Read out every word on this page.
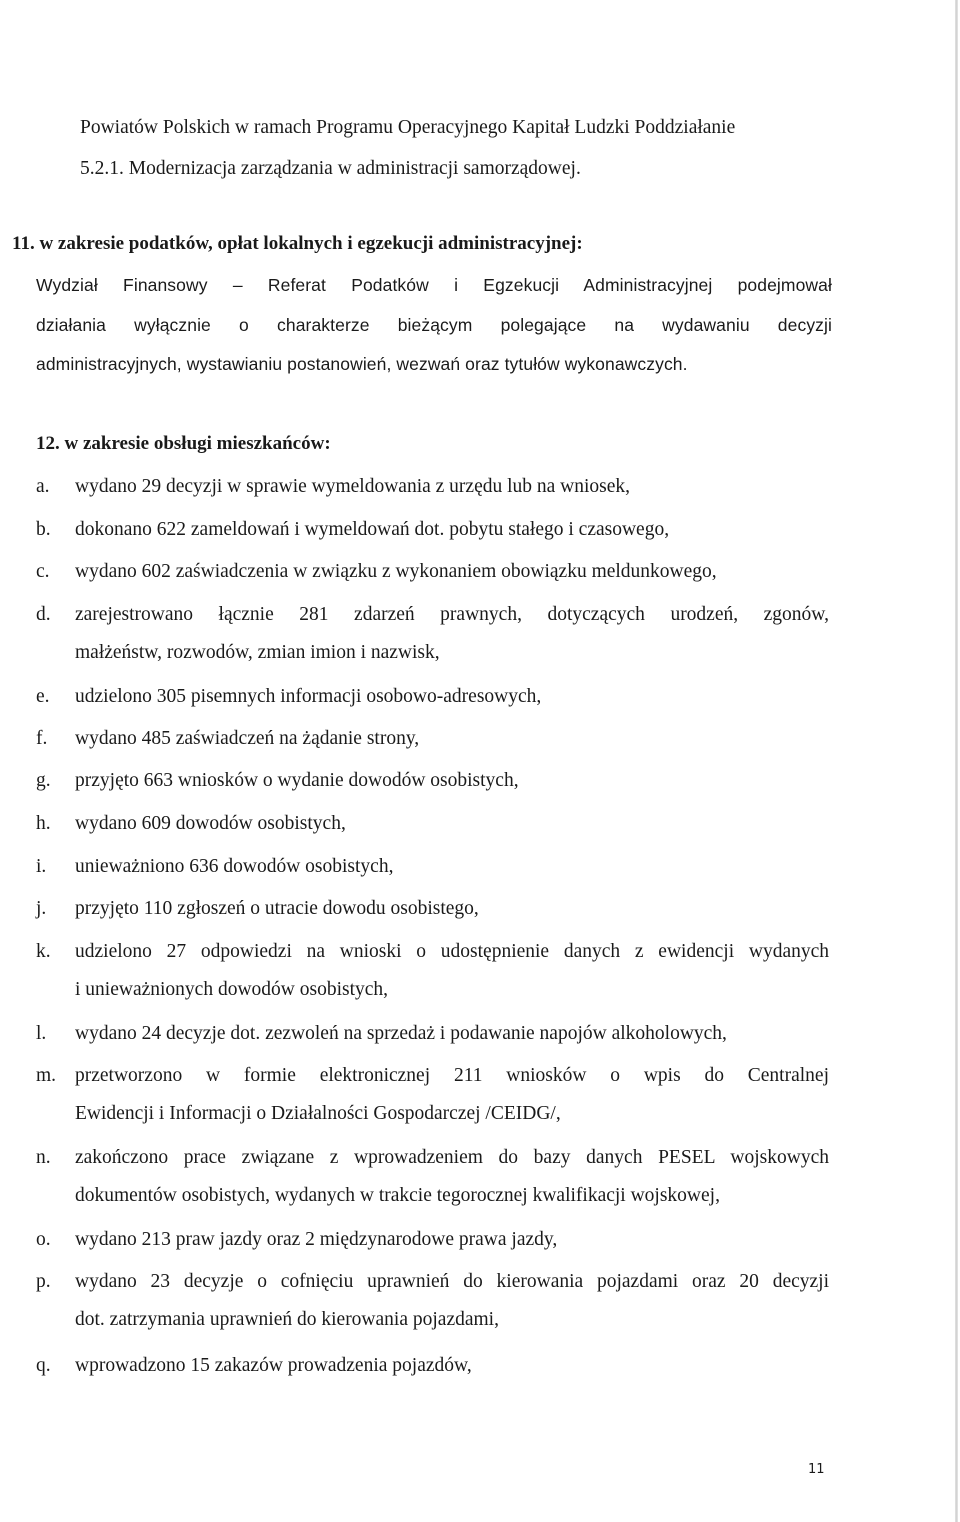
Powiatów Polskich w ramach Programu Operacyjnego Kapitał Ludzki Poddziałanie
5.2.1. Modernizacja zarządzania w administracji samorządowej.
11. w zakresie podatków, opłat lokalnych i egzekucji administracyjnej:
Wydział Finansowy – Referat Podatków i Egzekucji Administracyjnej podejmował
działania wyłącznie o charakterze bieżącym polegające na wydawaniu decyzji
administracyjnych, wystawianiu postanowień, wezwań oraz tytułów wykonawczych.
12. w zakresie obsługi mieszkańców:
a. wydano 29 decyzji w sprawie wymeldowania z urzędu lub na wniosek,
b. dokonano 622 zameldowań i wymeldowań dot. pobytu stałego i czasowego,
c. wydano 602 zaświadczenia w związku z wykonaniem obowiązku meldunkowego,
d. zarejestrowano łącznie 281 zdarzeń prawnych, dotyczących urodzeń, zgonów,
małżeństw, rozwodów, zmian imion i nazwisk,
e. udzielono 305 pisemnych informacji osobowo-adresowych,
f. wydano 485 zaświadczeń na żądanie strony,
g. przyjęto 663 wniosków o wydanie dowodów osobistych,
h. wydano 609 dowodów osobistych,
i. unieważniono 636 dowodów osobistych,
j. przyjęto 110 zgłoszeń o utracie dowodu osobistego,
k. udzielono 27 odpowiedzi na wnioski o udostępnienie danych z ewidencji wydanych
i unieważnionych dowodów osobistych,
l. wydano 24 decyzje dot. zezwoleń na sprzedaż i podawanie napojów alkoholowych,
m. przetworzono w formie elektronicznej 211 wniosków o wpis do Centralnej
Ewidencji i Informacji o Działalności Gospodarczej /CEIDG/,
n. zakończono prace związane z wprowadzeniem do bazy danych PESEL wojskowych
dokumentów osobistych, wydanych w trakcie tegorocznej kwalifikacji wojskowej,
o. wydano 213 praw jazdy oraz 2 międzynarodowe prawa jazdy,
p. wydano 23 decyzje o cofnięciu uprawnień do kierowania pojazdami oraz 20 decyzji
dot. zatrzymania uprawnień do kierowania pojazdami,
q. wprowadzono 15 zakazów prowadzenia pojazdów,
11
